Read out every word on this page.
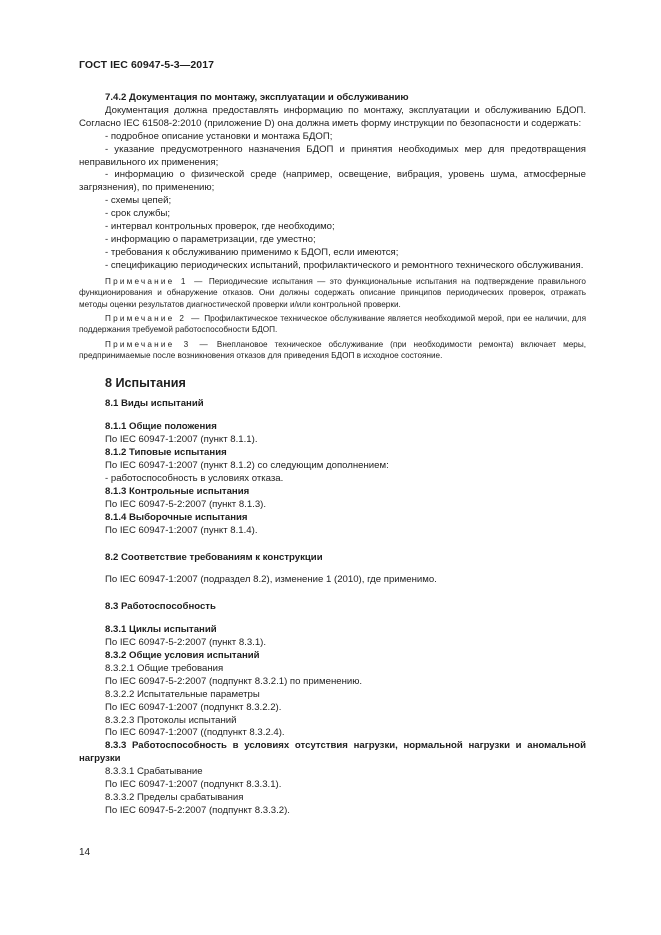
ГОСТ IEC 60947-5-3—2017

7.4.2 Документация по монтажу, эксплуатации и обслуживанию

Документация должна предоставлять информацию по монтажу, эксплуатации и обслуживанию БДОП. Согласно IEC 61508-2:2010 (приложение D) она должна иметь форму инструкции по безопасности и содержать:

- подробное описание установки и монтажа БДОП;

- указание предусмотренного назначения БДОП и принятия необходимых мер для предотвращения неправильного их применения;

- информацию о физической среде (например, освещение, вибрация, уровень шума, атмосферные загрязнения), по применению;

- схемы цепей;

- срок службы;

- интервал контрольных проверок, где необходимо;

- информацию о параметризации, где уместно;

- требования к обслуживанию применимо к БДОП, если имеются;

- спецификацию периодических испытаний, профилактического и ремонтного технического обслуживания.

Примечание 1 — Периодические испытания — это функциональные испытания на подтверждение правильного функционирования и обнаружение отказов. Они должны содержать описание принципов периодических проверок, отражать методы оценки результатов диагностической проверки и/или контрольной проверки.

Примечание 2 — Профилактическое техническое обслуживание является необходимой мерой, при ее наличии, для поддержания требуемой работоспособности БДОП.

Примечание 3 — Внеплановое техническое обслуживание (при необходимости ремонта) включает меры, предпринимаемые после возникновения отказов для приведения БДОП в исходное состояние.

8 Испытания

8.1 Виды испытаний

8.1.1 Общие положения

По IEC 60947-1:2007 (пункт 8.1.1).

8.1.2 Типовые испытания

По IEC 60947-1:2007 (пункт 8.1.2) со следующим дополнением:

- работоспособность в условиях отказа.

8.1.3 Контрольные испытания

По IEC 60947-5-2:2007 (пункт 8.1.3).

8.1.4 Выборочные испытания

По IEC 60947-1:2007 (пункт 8.1.4).

8.2 Соответствие требованиям к конструкции

По IEC 60947-1:2007 (подраздел 8.2), изменение 1 (2010), где применимо.

8.3 Работоспособность

8.3.1 Циклы испытаний

По IEC 60947-5-2:2007 (пункт 8.3.1).

8.3.2 Общие условия испытаний

8.3.2.1 Общие требования

По IEC 60947-5-2:2007 (подпункт 8.3.2.1) по применению.

8.3.2.2 Испытательные параметры

По IEC 60947-1:2007 (подпункт 8.3.2.2).

8.3.2.3 Протоколы испытаний

По IEC 60947-1:2007 ((подпункт 8.3.2.4).

8.3.3 Работоспособность в условиях отсутствия нагрузки, нормальной нагрузки и аномальной нагрузки

8.3.3.1 Срабатывание

По IEC 60947-1:2007 (подпункт 8.3.3.1).

8.3.3.2 Пределы срабатывания

По IEC 60947-5-2:2007 (подпункт 8.3.3.2).

14
